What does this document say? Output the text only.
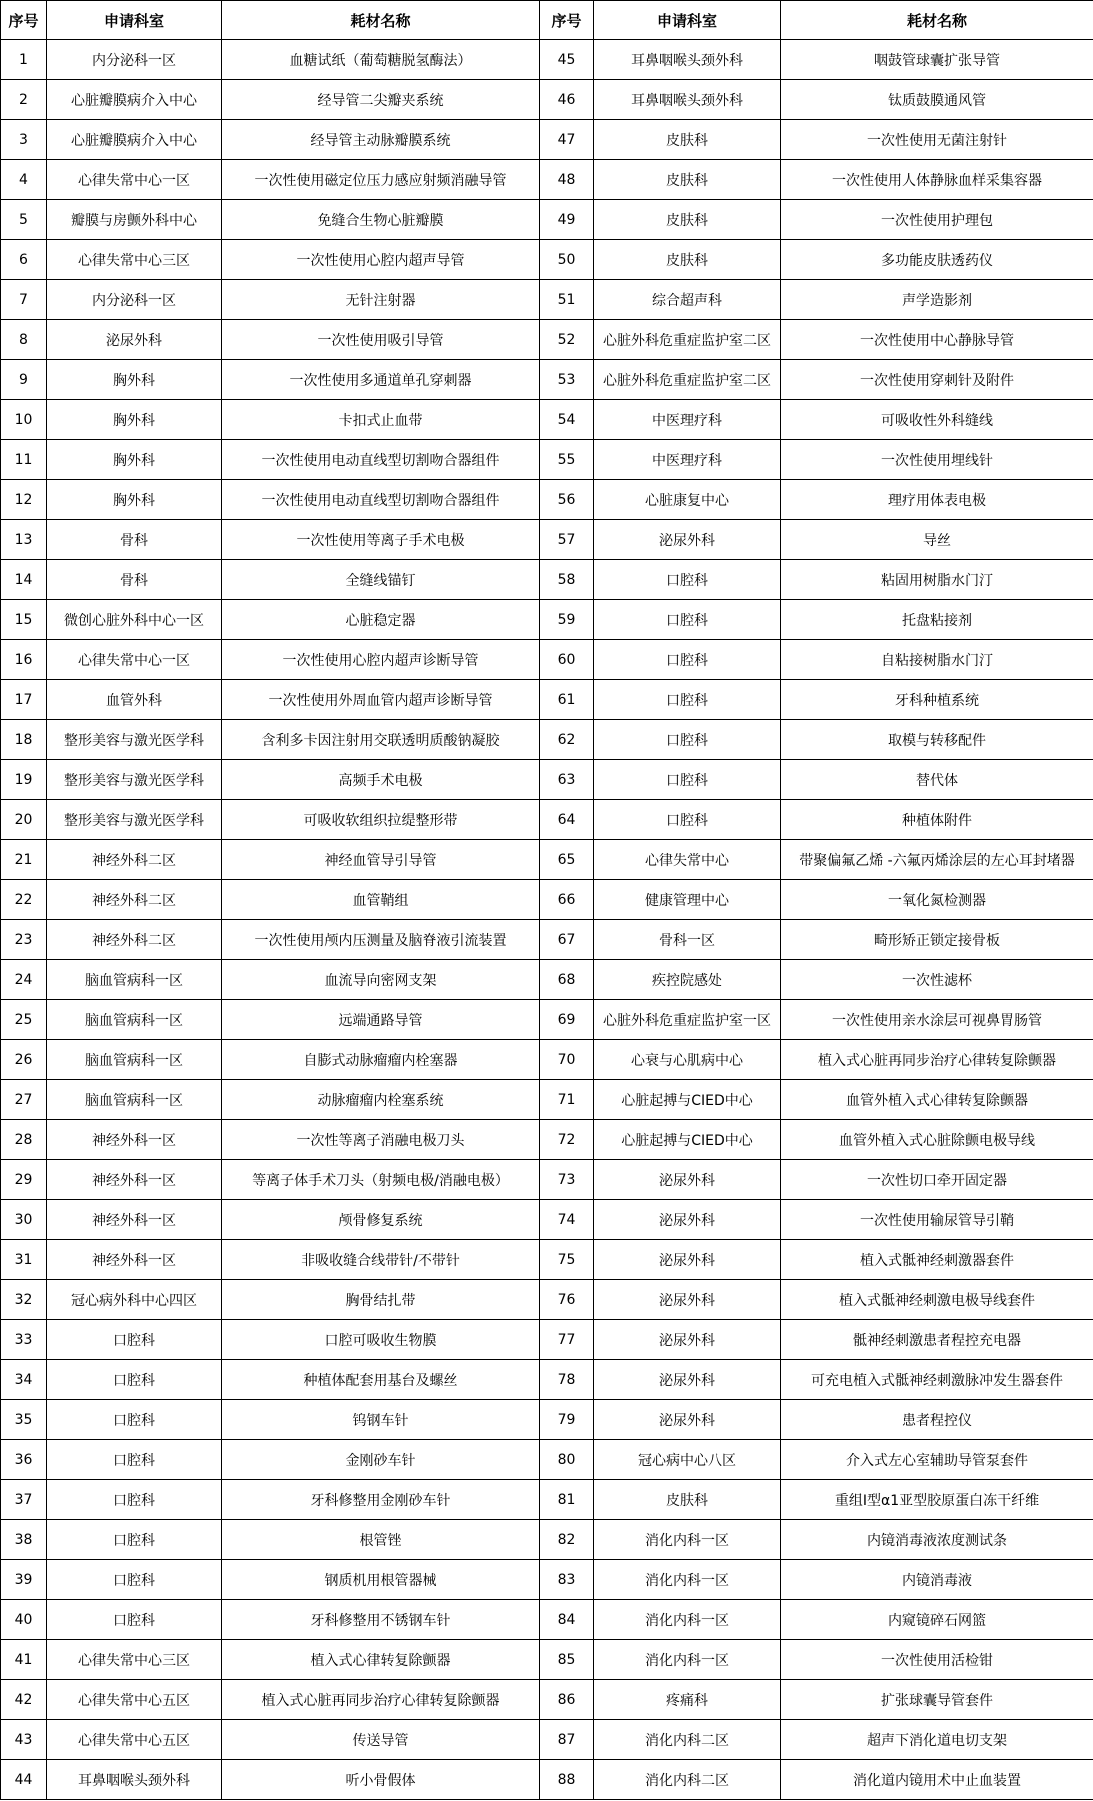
序号	申请科室	耗材名称	序号	申请科室	耗材名称
1	内分泌科一区	血糖试纸（葡萄糖脱氢酶法）	45	耳鼻咽喉头颈外科	咽鼓管球囊扩张导管
2	心脏瓣膜病介入中心	经导管二尖瓣夹系统	46	耳鼻咽喉头颈外科	钛质鼓膜通风管
3	心脏瓣膜病介入中心	经导管主动脉瓣膜系统	47	皮肤科	一次性使用无菌注射针
4	心律失常中心一区	一次性使用磁定位压力感应射频消融导管	48	皮肤科	一次性使用人体静脉血样采集容器
5	瓣膜与房颤外科中心	免缝合生物心脏瓣膜	49	皮肤科	一次性使用护理包
6	心律失常中心三区	一次性使用心腔内超声导管	50	皮肤科	多功能皮肤透药仪
7	内分泌科一区	无针注射器	51	综合超声科	声学造影剂
8	泌尿外科	一次性使用吸引导管	52	心脏外科危重症监护室二区	一次性使用中心静脉导管
9	胸外科	一次性使用多通道单孔穿刺器	53	心脏外科危重症监护室二区	一次性使用穿刺针及附件
10	胸外科	卡扣式止血带	54	中医理疗科	可吸收性外科缝线
11	胸外科	一次性使用电动直线型切割吻合器组件	55	中医理疗科	一次性使用埋线针
12	胸外科	一次性使用电动直线型切割吻合器组件	56	心脏康复中心	理疗用体表电极
13	骨科	一次性使用等离子手术电极	57	泌尿外科	导丝
14	骨科	全缝线锚钉	58	口腔科	粘固用树脂水门汀
15	微创心脏外科中心一区	心脏稳定器	59	口腔科	托盘粘接剂
16	心律失常中心一区	一次性使用心腔内超声诊断导管	60	口腔科	自粘接树脂水门汀
17	血管外科	一次性使用外周血管内超声诊断导管	61	口腔科	牙科种植系统
18	整形美容与激光医学科	含利多卡因注射用交联透明质酸钠凝胶	62	口腔科	取模与转移配件
19	整形美容与激光医学科	高频手术电极	63	口腔科	替代体
20	整形美容与激光医学科	可吸收软组织拉缇整形带	64	口腔科	种植体附件
21	神经外科二区	神经血管导引导管	65	心律失常中心	带聚偏氟乙烯 -六氟丙烯涂层的左心耳封堵器
22	神经外科二区	血管鞘组	66	健康管理中心	一氧化氮检测器
23	神经外科二区	一次性使用颅内压测量及脑脊液引流装置	67	骨科一区	畸形矫正锁定接骨板
24	脑血管病科一区	血流导向密网支架	68	疾控院感处	一次性滤杯
25	脑血管病科一区	远端通路导管	69	心脏外科危重症监护室一区	一次性使用亲水涂层可视鼻胃肠管
26	脑血管病科一区	自膨式动脉瘤瘤内栓塞器	70	心衰与心肌病中心	植入式心脏再同步治疗心律转复除颤器
27	脑血管病科一区	动脉瘤瘤内栓塞系统	71	心脏起搏与CIED中心	血管外植入式心律转复除颤器
28	神经外科一区	一次性等离子消融电极刀头	72	心脏起搏与CIED中心	血管外植入式心脏除颤电极导线
29	神经外科一区	等离子体手术刀头（射频电极/消融电极）	73	泌尿外科	一次性切口牵开固定器
30	神经外科一区	颅骨修复系统	74	泌尿外科	一次性使用输尿管导引鞘
31	神经外科一区	非吸收缝合线带针/不带针	75	泌尿外科	植入式骶神经刺激器套件
32	冠心病外科中心四区	胸骨结扎带	76	泌尿外科	植入式骶神经刺激电极导线套件
33	口腔科	口腔可吸收生物膜	77	泌尿外科	骶神经刺激患者程控充电器
34	口腔科	种植体配套用基台及螺丝	78	泌尿外科	可充电植入式骶神经刺激脉冲发生器套件
35	口腔科	钨钢车针	79	泌尿外科	患者程控仪
36	口腔科	金刚砂车针	80	冠心病中心八区	介入式左心室辅助导管泵套件
37	口腔科	牙科修整用金刚砂车针	81	皮肤科	重组I型α1亚型胶原蛋白冻干纤维
38	口腔科	根管锉	82	消化内科一区	内镜消毒液浓度测试条
39	口腔科	钢质机用根管器械	83	消化内科一区	内镜消毒液
40	口腔科	牙科修整用不锈钢车针	84	消化内科一区	内窥镜碎石网篮
41	心律失常中心三区	植入式心律转复除颤器	85	消化内科一区	一次性使用活检钳
42	心律失常中心五区	植入式心脏再同步治疗心律转复除颤器	86	疼痛科	扩张球囊导管套件
43	心律失常中心五区	传送导管	87	消化内科二区	超声下消化道电切支架
44	耳鼻咽喉头颈外科	听小骨假体	88	消化内科二区	消化道内镜用术中止血装置
